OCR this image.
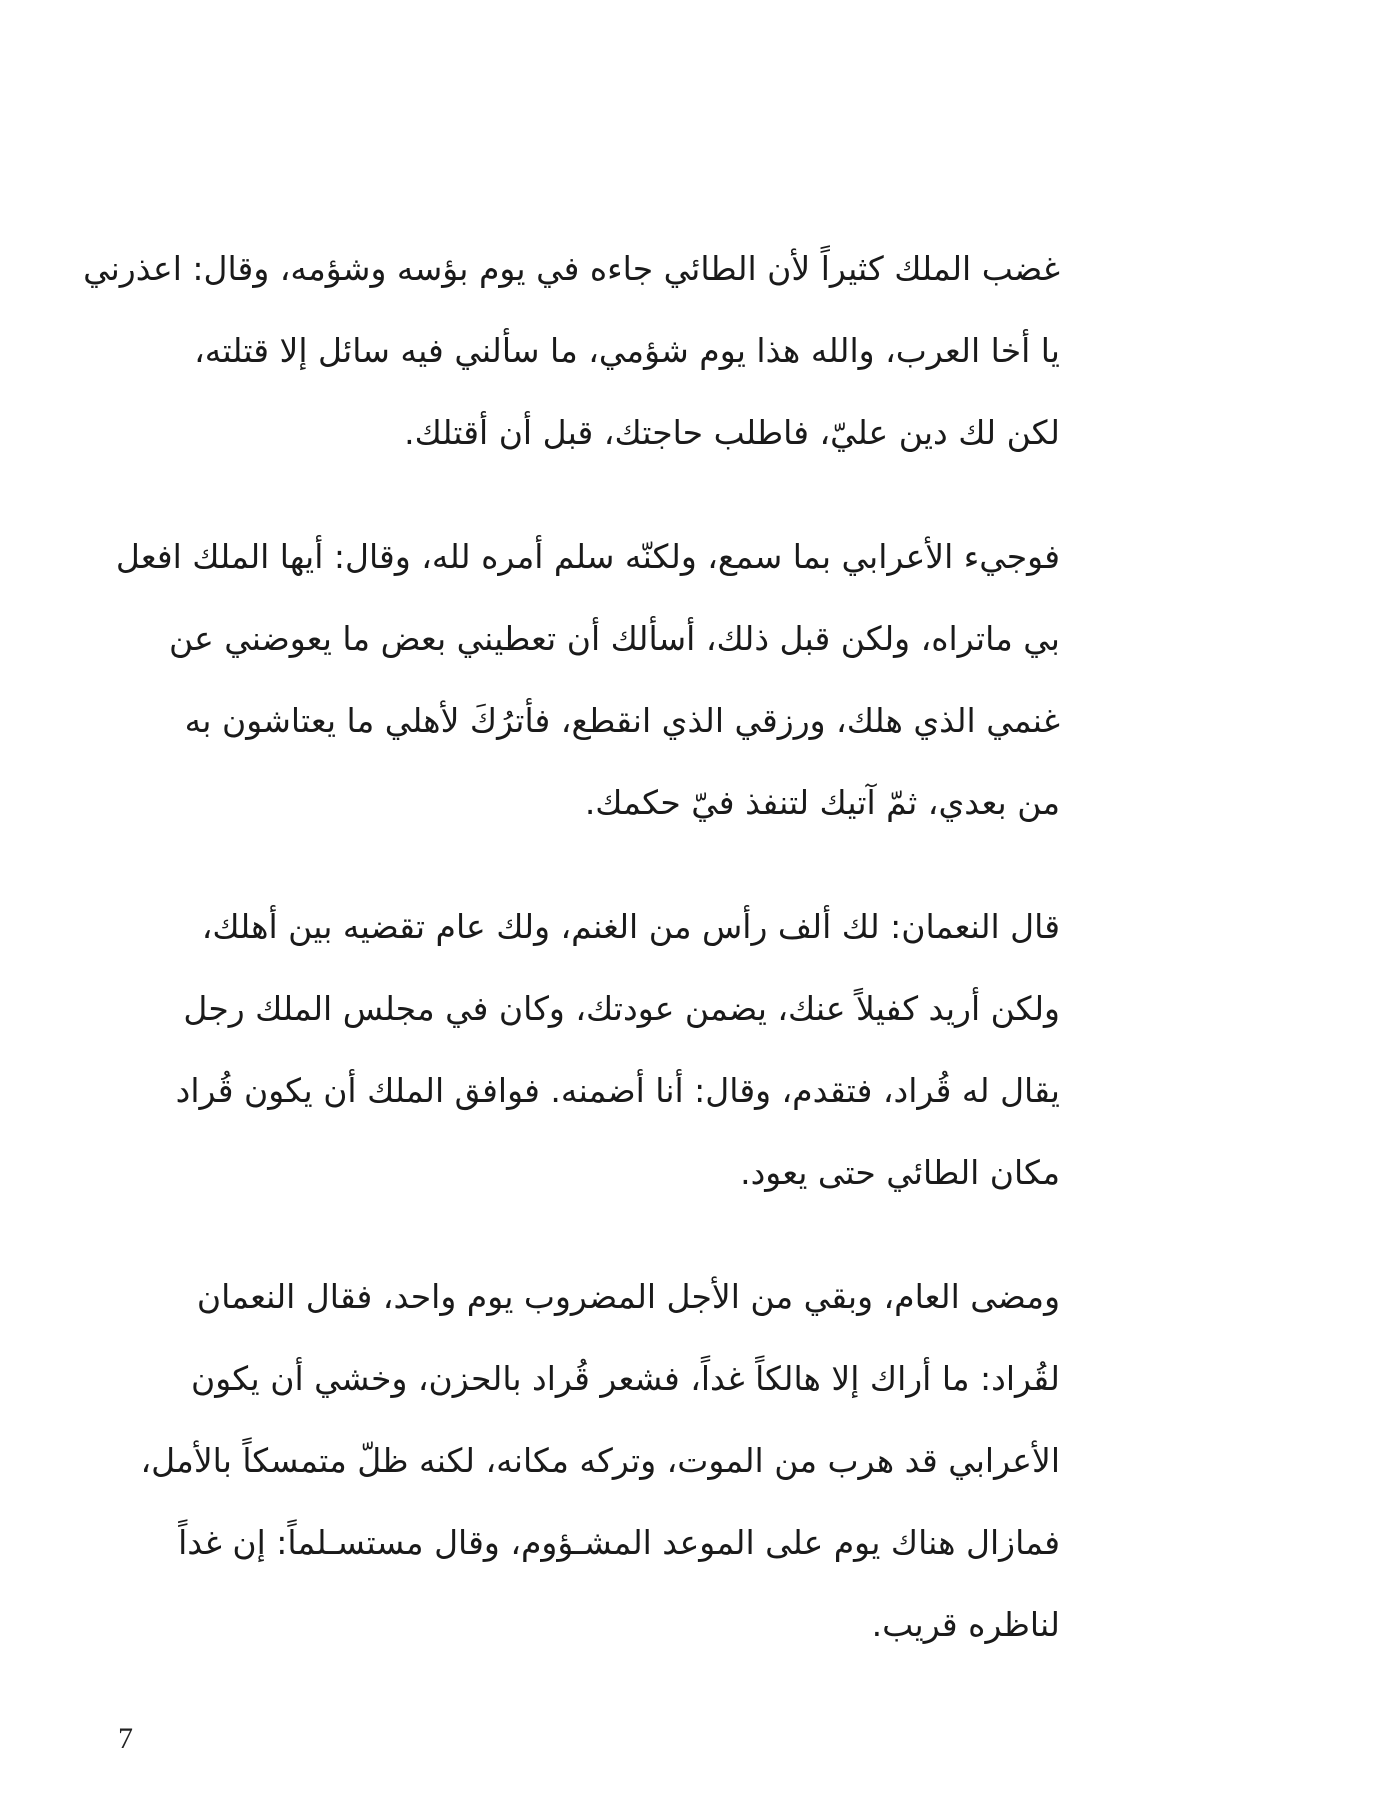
غضب الملك كثيراً لأن الطائي جاءه في يوم بؤسه وشؤمه، وقال: اعذرني
يا أخا العرب، والله هذا يوم شؤمي، ما سألني فيه سائل إلا قتلته،
لكن لك دين عليّ، فاطلب حاجتك، قبل أن أقتلك.

فوجيء الأعرابي بما سمع، ولكنّه سلم أمره لله، وقال: أيها الملك افعل
بي ماتراه، ولكن قبل ذلك، أسألك أن تعطيني بعض ما يعوضني عن
غنمي الذي هلك، ورزقي الذي انقطع، فأترُكَ لأهلي ما يعتاشون به
من بعدي، ثمّ آتيك لتنفذ فيّ حكمك.

قال النعمان: لك ألف رأس من الغنم، ولك عام تقضيه بين أهلك،
ولكن أريد كفيلاً عنك، يضمن عودتك، وكان في مجلس الملك رجل
يقال له قُراد، فتقدم، وقال: أنا أضمنه. فوافق الملك أن يكون قُراد
مكان الطائي حتى يعود.

ومضى العام، وبقي من الأجل المضروب يوم واحد، فقال النعمان
لقُراد: ما أراك إلا هالكاً غداً، فشعر قُراد بالحزن، وخشي أن يكون
الأعرابي قد هرب من الموت، وتركه مكانه، لكنه ظلّ متمسكاً بالأمل،
فمازال هناك يوم على الموعد المشـؤوم، وقال مستسـلماً: إن غداً
لناظره قريب.

7
